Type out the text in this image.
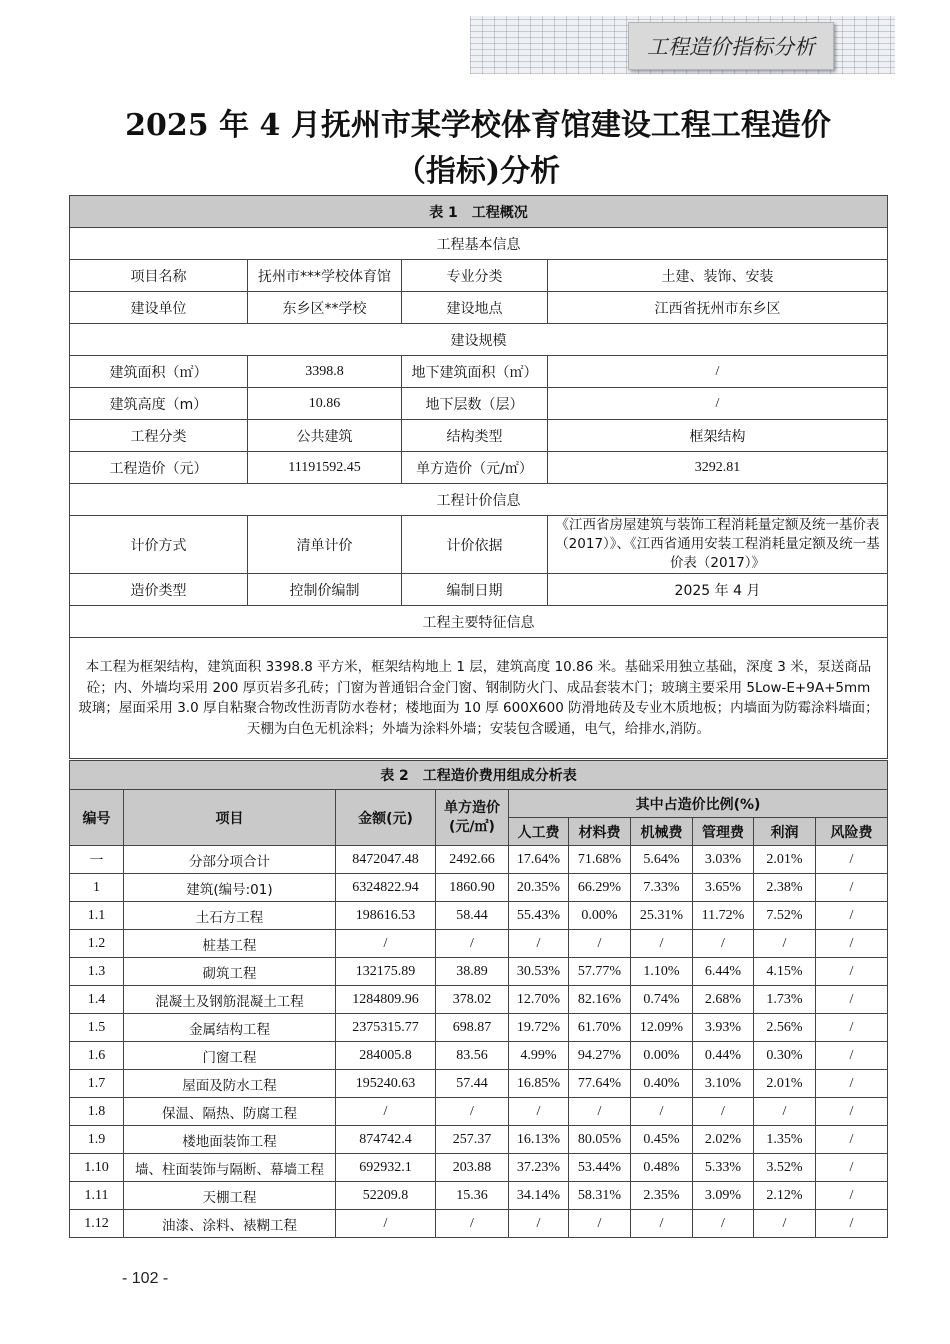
工程造价指标分析
2025 年 4 月抚州市某学校体育馆建设工程工程造价
（指标)分析
表 1　工程概况			
工程基本信息			
项目名称	抚州市***学校体育馆	专业分类	土建、装饰、安装
建设单位	东乡区**学校	建设地点	江西省抚州市东乡区
建设规模			
建筑面积（㎡）	3398.8	地下建筑面积（㎡）	/
建筑高度（m）	10.86	地下层数（层）	/
工程分类	公共建筑	结构类型	框架结构
工程造价（元）	11191592.45	单方造价（元/㎡）	3292.81
工程计价信息			
计价方式	清单计价	计价依据	《江西省房屋建筑与装饰工程消耗量定额及统一基价表（2017）》、《江西省通用安装工程消耗量定额及统一基价表（2017）》
造价类型	控制价编制	编制日期	2025 年 4 月
工程主要特征信息			
本工程为框架结构，建筑面积 3398.8 平方米，框架结构地上 1 层，建筑高度 10.86 米。基础采用独立基础，深度 3 米，泵送商品砼；内、外墙均采用 200 厚页岩多孔砖；门窗为普通铝合金门窗、钢制防火门、成品套装木门；玻璃主要采用 5Low-E+9A+5mm 玻璃；屋面采用 3.0 厚自粘聚合物改性沥青防水卷材；楼地面为 10 厚 600X600 防滑地砖及专业木质地板；内墙面为防霉涂料墙面；天棚为白色无机涂料；外墙为涂料外墙；安装包含暖通，电气，给排水,消防。			
表 2　工程造价费用组成分析表									
编号	项目	金额(元)	单方造价(元/㎡)	其中占造价比例(%)					
				人工费	材料费	机械费	管理费	利润	风险费
一	分部分项合计	8472047.48	2492.66	17.64%	71.68%	5.64%	3.03%	2.01%	/
1	建筑(编号:01)	6324822.94	1860.90	20.35%	66.29%	7.33%	3.65%	2.38%	/
1.1	土石方工程	198616.53	58.44	55.43%	0.00%	25.31%	11.72%	7.52%	/
1.2	桩基工程	/	/	/	/	/	/	/	/
1.3	砌筑工程	132175.89	38.89	30.53%	57.77%	1.10%	6.44%	4.15%	/
1.4	混凝土及钢筋混凝土工程	1284809.96	378.02	12.70%	82.16%	0.74%	2.68%	1.73%	/
1.5	金属结构工程	2375315.77	698.87	19.72%	61.70%	12.09%	3.93%	2.56%	/
1.6	门窗工程	284005.8	83.56	4.99%	94.27%	0.00%	0.44%	0.30%	/
1.7	屋面及防水工程	195240.63	57.44	16.85%	77.64%	0.40%	3.10%	2.01%	/
1.8	保温、隔热、防腐工程	/	/	/	/	/	/	/	/
1.9	楼地面装饰工程	874742.4	257.37	16.13%	80.05%	0.45%	2.02%	1.35%	/
1.10	墙、柱面装饰与隔断、幕墙工程	692932.1	203.88	37.23%	53.44%	0.48%	5.33%	3.52%	/
1.11	天棚工程	52209.8	15.36	34.14%	58.31%	2.35%	3.09%	2.12%	/
1.12	油漆、涂料、裱糊工程	/	/	/	/	/	/	/	/
- 102 -
